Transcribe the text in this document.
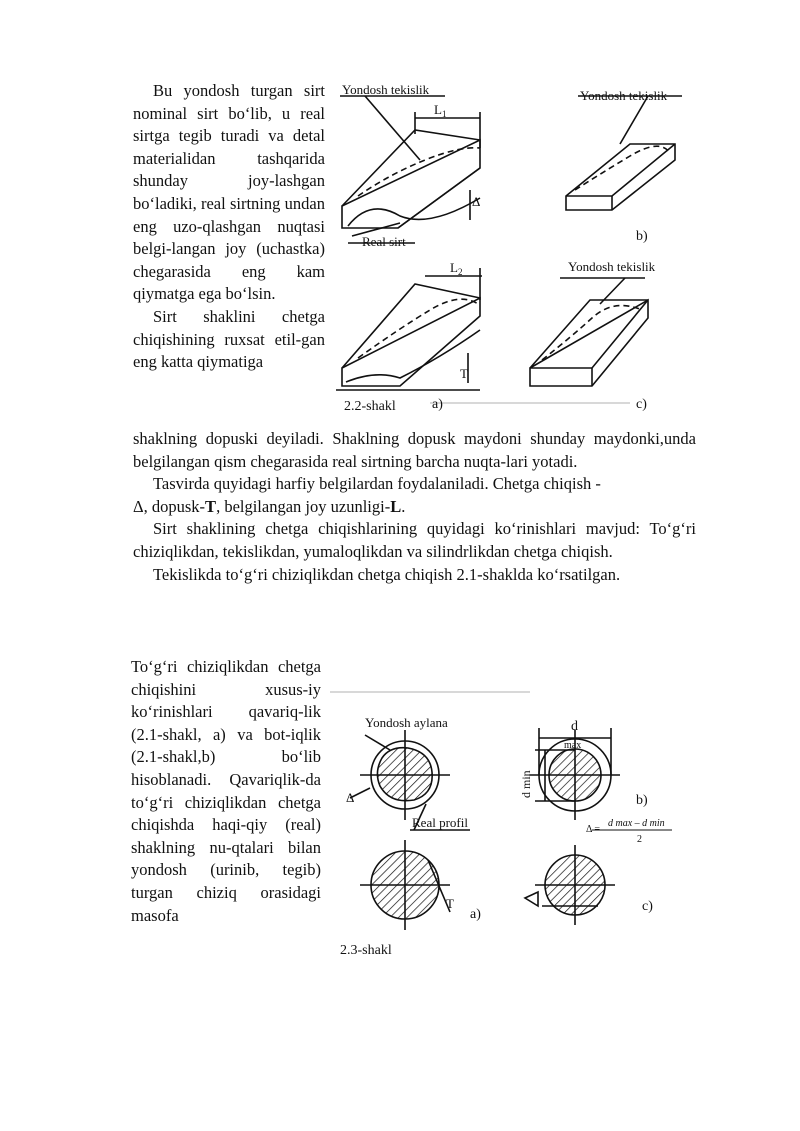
Bu yondosh turgan sirt nominal sirt bo‘lib, u real sirtga tegib turadi va detal materialidan tashqarida shunday joy-lashgan bo‘ladiki, real sirtning undan eng uzo-qlashgan nuqtasi belgi-langan joy (uchastka) chegarasida eng kam qiymatga ega bo‘lsin.

Sirt shaklini chetga chiqishining ruxsat etil-gan eng katta qiymatiga

shaklning dopuski deyiladi. Shaklning dopusk maydoni shunday maydonki,unda belgilangan qism chegarasida real sirtning barcha nuqta-lari yotadi.

Tasvirda quyidagi harfiy belgilardan foydalaniladi. Chetga chiqish -
Δ, dopusk-T, belgilangan joy uzunligi-L.

Sirt shaklining chetga chiqishlarining quyidagi ko‘rinishlari mavjud: To‘g‘ri chiziqlikdan, tekislikdan, yumaloqlikdan va silindrlikdan chetga chiqish.

Tekislikda to‘g‘ri chiziqlikdan chetga chiqish 2.1-shaklda ko‘rsatilgan.

To‘g‘ri chiziqlikdan chetga chiqishini xusus-iy ko‘rinishlari qavariq-lik (2.1-shakl, a) va bot-iqlik (2.1-shakl,b) bo‘lib hisoblanadi. Qavariqlik-da to‘g‘ri chiziqlikdan chetga chiqishda haqi-qiy (real) shaklning nu-qtalari bilan yondosh (urinib, tegib) turgan chiziq orasidagi masofa

Yondosh tekislik	Yondosh tekislik
Yondosh tekislik
Real sirt
$L_1$
$L_2$
Δ
T
2.2-shakl	a)
b)
c)
Yondosh aylana
Real profil
d
max
d min
Δ =
d max – d min
2
T
Δ
2.3-shakl
a)
b)
c)
